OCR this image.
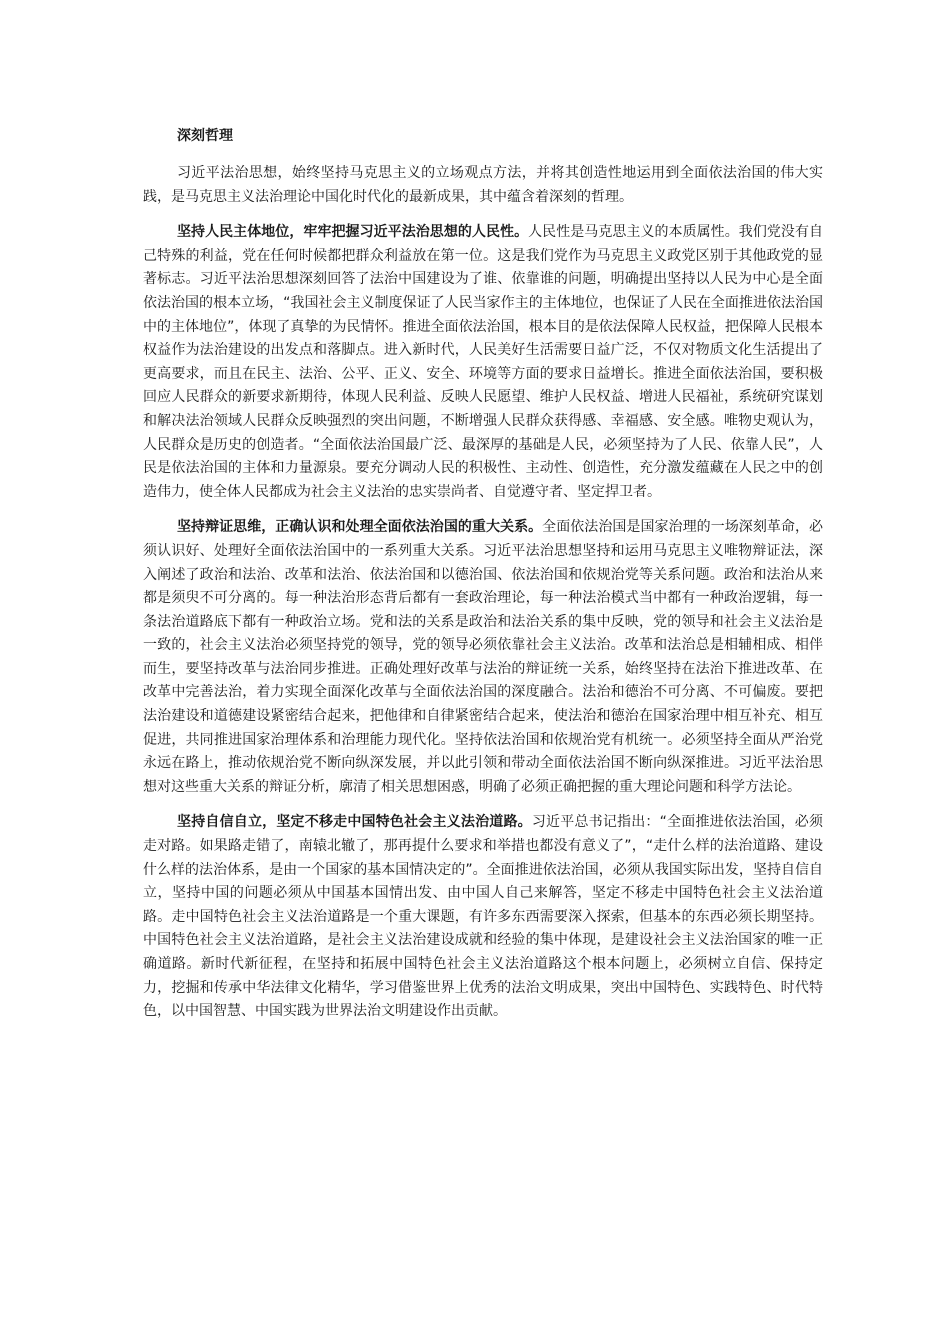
深刻哲理

习近平法治思想，始终坚持马克思主义的立场观点方法，并将其创造性地运用到全面依法治国的伟大实践，是马克思主义法治理论中国化时代化的最新成果，其中蕴含着深刻的哲理。

坚持人民主体地位，牢牢把握习近平法治思想的人民性。人民性是马克思主义的本质属性。我们党没有自己特殊的利益，党在任何时候都把群众利益放在第一位。这是我们党作为马克思主义政党区别于其他政党的显著标志。习近平法治思想深刻回答了法治中国建设为了谁、依靠谁的问题，明确提出坚持以人民为中心是全面依法治国的根本立场，“我国社会主义制度保证了人民当家作主的主体地位，也保证了人民在全面推进依法治国中的主体地位”，体现了真挚的为民情怀。推进全面依法治国，根本目的是依法保障人民权益，把保障人民根本权益作为法治建设的出发点和落脚点。进入新时代，人民美好生活需要日益广泛，不仅对物质文化生活提出了更高要求，而且在民主、法治、公平、正义、安全、环境等方面的要求日益增长。推进全面依法治国，要积极回应人民群众的新要求新期待，体现人民利益、反映人民愿望、维护人民权益、增进人民福祉，系统研究谋划和解决法治领域人民群众反映强烈的突出问题，不断增强人民群众获得感、幸福感、安全感。唯物史观认为，人民群众是历史的创造者。“全面依法治国最广泛、最深厚的基础是人民，必须坚持为了人民、依靠人民”，人民是依法治国的主体和力量源泉。要充分调动人民的积极性、主动性、创造性，充分激发蕴藏在人民之中的创造伟力，使全体人民都成为社会主义法治的忠实崇尚者、自觉遵守者、坚定捍卫者。

坚持辩证思维，正确认识和处理全面依法治国的重大关系。全面依法治国是国家治理的一场深刻革命，必须认识好、处理好全面依法治国中的一系列重大关系。习近平法治思想坚持和运用马克思主义唯物辩证法，深入阐述了政治和法治、改革和法治、依法治国和以德治国、依法治国和依规治党等关系问题。政治和法治从来都是须臾不可分离的。每一种法治形态背后都有一套政治理论，每一种法治模式当中都有一种政治逻辑，每一条法治道路底下都有一种政治立场。党和法的关系是政治和法治关系的集中反映，党的领导和社会主义法治是一致的，社会主义法治必须坚持党的领导，党的领导必须依靠社会主义法治。改革和法治总是相辅相成、相伴而生，要坚持改革与法治同步推进。正确处理好改革与法治的辩证统一关系，始终坚持在法治下推进改革、在改革中完善法治，着力实现全面深化改革与全面依法治国的深度融合。法治和德治不可分离、不可偏废。要把法治建设和道德建设紧密结合起来，把他律和自律紧密结合起来，使法治和德治在国家治理中相互补充、相互促进，共同推进国家治理体系和治理能力现代化。坚持依法治国和依规治党有机统一。必须坚持全面从严治党永远在路上，推动依规治党不断向纵深发展，并以此引领和带动全面依法治国不断向纵深推进。习近平法治思想对这些重大关系的辩证分析，廓清了相关思想困惑，明确了必须正确把握的重大理论问题和科学方法论。

坚持自信自立，坚定不移走中国特色社会主义法治道路。习近平总书记指出：“全面推进依法治国，必须走对路。如果路走错了，南辕北辙了，那再提什么要求和举措也都没有意义了”，“走什么样的法治道路、建设什么样的法治体系，是由一个国家的基本国情决定的”。全面推进依法治国，必须从我国实际出发，坚持自信自立，坚持中国的问题必须从中国基本国情出发、由中国人自己来解答，坚定不移走中国特色社会主义法治道路。走中国特色社会主义法治道路是一个重大课题，有许多东西需要深入探索，但基本的东西必须长期坚持。中国特色社会主义法治道路，是社会主义法治建设成就和经验的集中体现，是建设社会主义法治国家的唯一正确道路。新时代新征程，在坚持和拓展中国特色社会主义法治道路这个根本问题上，必须树立自信、保持定力，挖掘和传承中华法律文化精华，学习借鉴世界上优秀的法治文明成果，突出中国特色、实践特色、时代特色，以中国智慧、中国实践为世界法治文明建设作出贡献。
